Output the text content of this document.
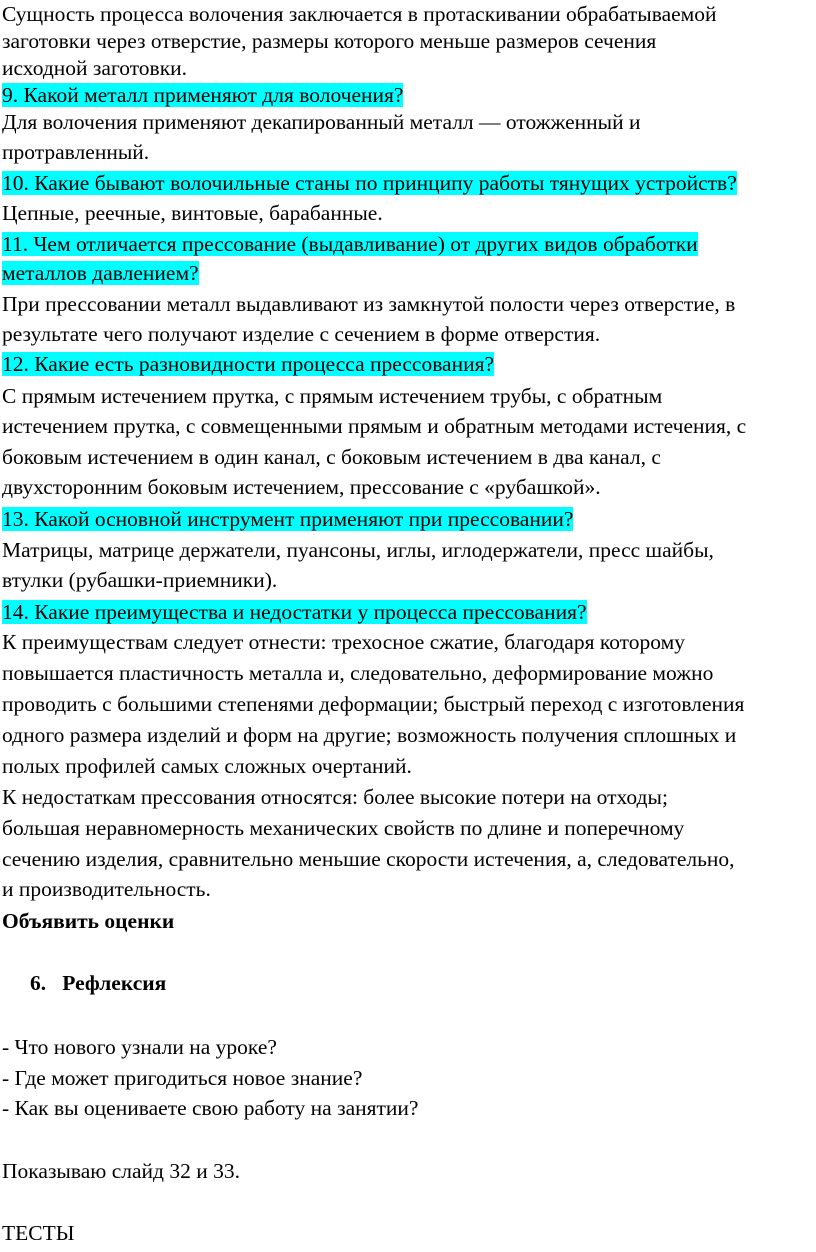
Сущность процесса волочения заключается в протаскивании обрабатываемой
заготовки через отверстие, размеры которого меньше размеров сечения
исходной заготовки.
9. Какой металл применяют для волочения?
Для волочения применяют декапированный металл — отожженный и
протравленный.
10. Какие бывают волочильные станы по принципу работы тянущих устройств?
Цепные, реечные, винтовые, барабанные.
11. Чем отличается прессование (выдавливание) от других видов обработки
металлов давлением?
При прессовании металл выдавливают из замкнутой полости через отверстие, в
результате чего получают изделие с сечением в форме отверстия.
12. Какие есть разновидности процесса прессования?
С прямым истечением прутка, с прямым истечением трубы, с обратным
истечением прутка, с совмещенными прямым и обратным методами истечения, с
боковым истечением в один канал, с боковым истечением в два канал, с
двухсторонним боковым истечением, прессование с «рубашкой».
13. Какой основной инструмент применяют при прессовании?
Матрицы, матрице держатели, пуансоны, иглы, иглодержатели, пресс шайбы,
втулки (рубашки-приемники).
14. Какие преимущества и недостатки у процесса прессования?
К преимуществам следует отнести: трехосное сжатие, благодаря которому
повышается пластичность металла и, следовательно, деформирование можно
проводить с большими степенями деформации; быстрый переход с изготовления
одного размера изделий и форм на другие; возможность получения сплошных и
полых профилей самых сложных очертаний.
К недостаткам прессования относятся: более высокие потери на отходы;
большая неравномерность механических свойств по длине и поперечному
сечению изделия, сравнительно меньшие скорости истечения, а, следовательно,
и производительность.
Объявить оценки
6.   Рефлексия
- Что нового узнали на уроке?
- Где может пригодиться новое знание?
- Как вы оцениваете свою работу на занятии?
Показываю слайд 32 и 33.
ТЕСТЫ
